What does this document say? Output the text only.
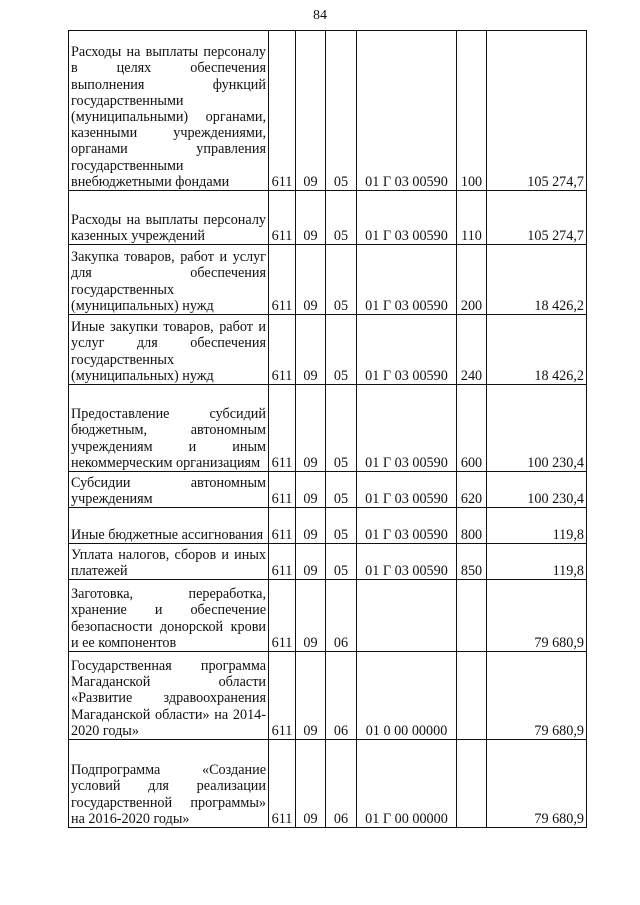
84
Расходы на выплаты персоналу в целях обеспечения выполнения функций государственными (муниципальными) органами, казенными учреждениями, органами управления государственными внебюджетными фондами	611	09	05	01 Г 03 00590	100	105 274,7
Расходы на выплаты персоналу казенных учреждений	611	09	05	01 Г 03 00590	110	105 274,7
Закупка товаров, работ и услуг для обеспечения государственных (муниципальных) нужд	611	09	05	01 Г 03 00590	200	18 426,2
Иные закупки товаров, работ и услуг для обеспечения государственных (муниципальных) нужд	611	09	05	01 Г 03 00590	240	18 426,2
Предоставление субсидий бюджетным, автономным учреждениям и иным некоммерческим организациям	611	09	05	01 Г 03 00590	600	100 230,4
Субсидии автономным учреждениям	611	09	05	01 Г 03 00590	620	100 230,4
Иные бюджетные ассигнования	611	09	05	01 Г 03 00590	800	119,8
Уплата налогов, сборов и иных платежей	611	09	05	01 Г 03 00590	850	119,8
Заготовка, переработка, хранение и обеспечение безопасности донорской крови и ее компонентов	611	09	06			79 680,9
Государственная программа Магаданской области «Развитие здравоохранения Магаданской области» на 2014-2020 годы»	611	09	06	01 0 00 00000		79 680,9
Подпрограмма «Создание условий для реализации государственной программы» на 2016-2020 годы»	611	09	06	01 Г 00 00000		79 680,9
